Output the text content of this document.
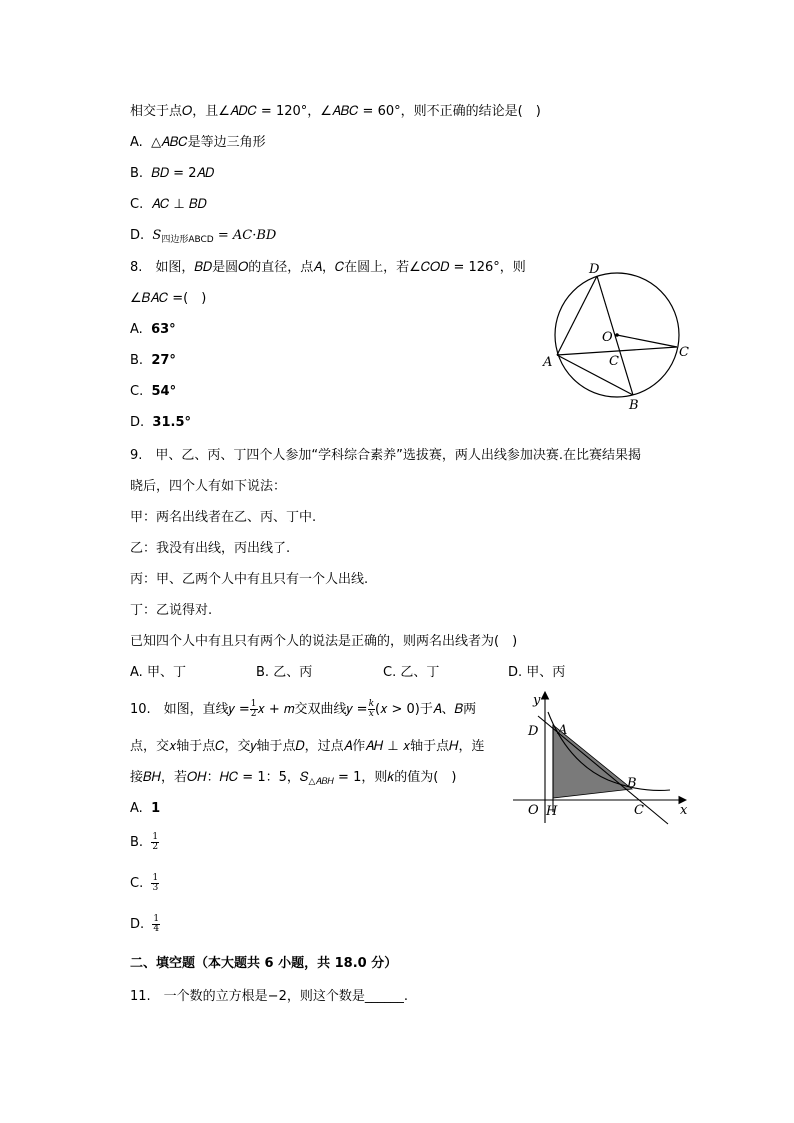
相交于点𝑂，且∠𝐴𝐷𝐶 = 120°，∠𝐴𝐵𝐶 = 60°，则不正确的结论是(　)
A. △𝐴𝐵𝐶是等边三角形
B. 𝐵𝐷 = 2𝐴𝐷
C. 𝐴𝐶 ⊥ 𝐵𝐷
D. $S_{四边形ABCD} = AC\cdot BD$
8.　如图，𝐵𝐷是圆𝑂的直径，点𝐴，𝐶在圆上，若∠𝐶𝑂𝐷 = 126°，则
∠𝐵𝐴𝐶 =(　)
A. 63°
B. 27°
C. 54°
D. 31.5°
D
O
C
C
A
B
9.　甲、乙、丙、丁四个人参加“学科综合素养”选拔赛，两人出线参加决赛.在比赛结果揭
晓后，四个人有如下说法：
甲：两名出线者在乙、丙、丁中.
乙：我没有出线，丙出线了.
丙：甲、乙两个人中有且只有一个人出线.
丁：乙说得对.
已知四个人中有且只有两个人的说法是正确的，则两名出线者为(　)
A. 甲、丁	B. 乙、丙	C. 乙、丁	D. 甲、丙
10.　如图，直线𝑦 = $\frac{1}{2}$ 𝑥 + 𝑚交双曲线𝑦 = $\frac{k}{x}$ (𝑥 > 0)于𝐴、𝐵两
点，交𝑥轴于点𝐶，交𝑦轴于点𝐷，过点𝐴作𝐴𝐻 ⊥ 𝑥轴于点𝐻，连
接𝐵𝐻，若𝑂𝐻：𝐻𝐶 = 1：5，𝑆$_{\triangle 𝐴𝐵𝐻}$ = 1，则𝑘的值为(　)
A. 1
B. $\frac{1}{2}$
C. $\frac{1}{3}$
D. $\frac{1}{4}$
y
x
D A
B
O H	C
二、填空题（本大题共 6 小题，共 18.0 分）
11.　一个数的立方根是−2，则这个数是______.
